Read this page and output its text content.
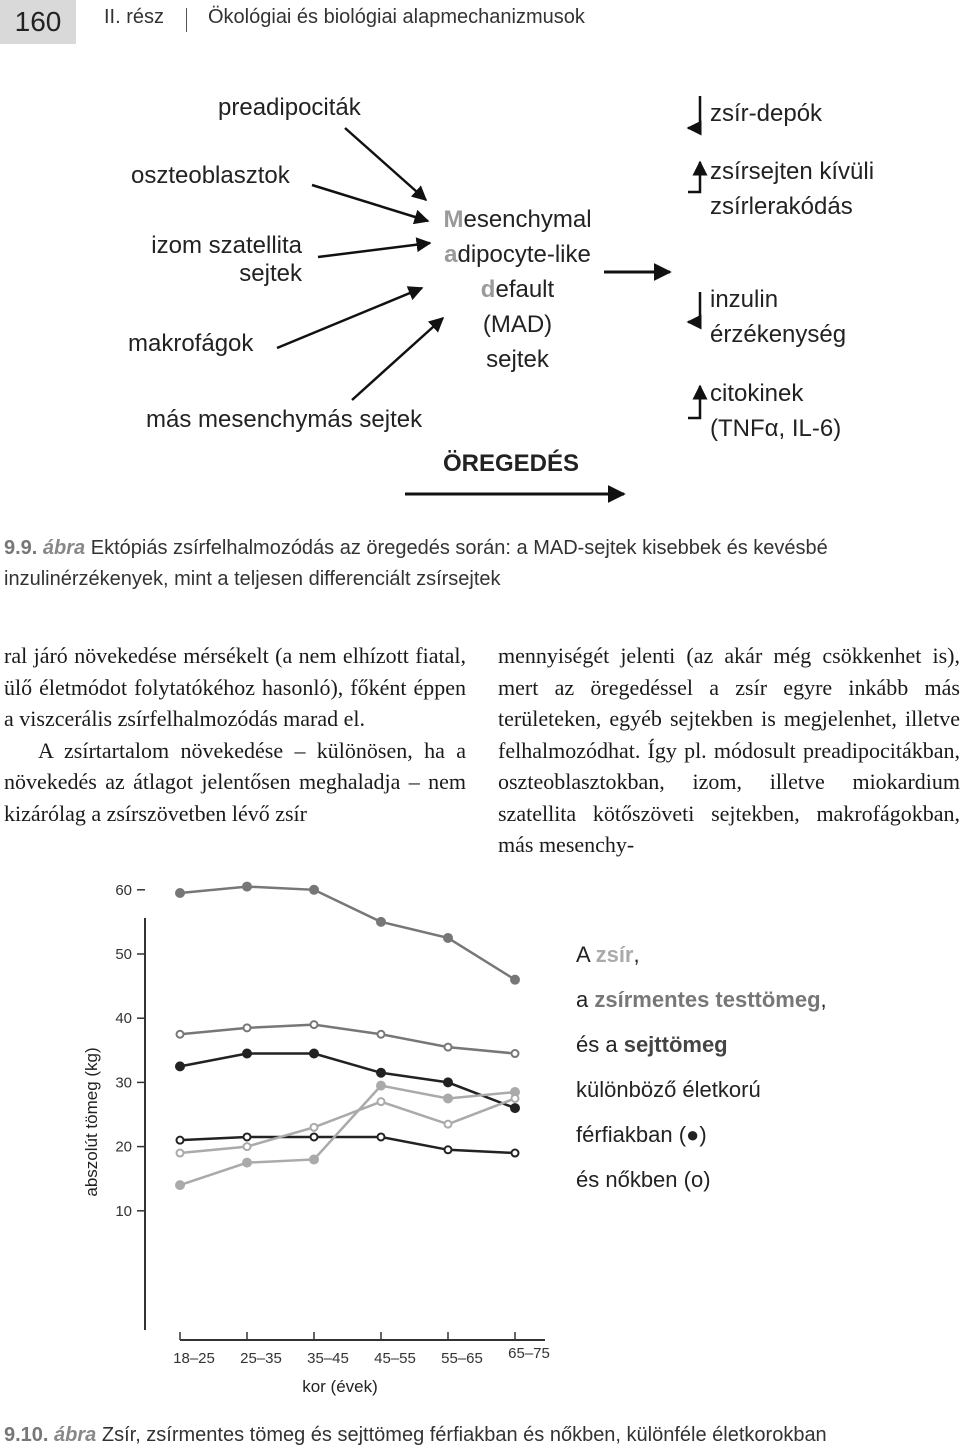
160	II. rész Ökológiai és biológiai alapmechanizmusok
preadipociták
oszteoblasztok
izom szatellita sejtek
makrofágok
más mesenchymás sejtek
Mesenchymal
adipocyte-like
default
(MAD)
sejtek
ÖREGEDÉS
zsír-depók
zsírsejten kívüli zsírlerakódás
inzulin érzékenység
citokinek (TNFα, IL-6)
9.9. ábra Ektópiás zsírfelhalmozódás az öregedés során: a MAD-sejtek kisebbek és kevésbé inzulinérzékenyek, mint a teljesen differenciált zsírsejtek

ral járó növekedése mérsékelt (a nem elhízott fiatal, ülő életmódot folytatókéhoz hasonló), főként éppen a viszcerális zsírfelhalmozódás marad el.

A zsírtartalom növekedése – különösen, ha a növekedés az átlagot jelentősen meghaladja – nem kizárólag a zsírszövetben lévő zsír

mennyiségét jelenti (az akár még csökkenhet is), mert az öregedéssel a zsír egyre inkább más területeken, egyéb sejtekben is megjelenhet, illetve felhalmozódhat. Így pl. módosult preadipocitákban, oszteoblasztokban, izom, illetve miokardium szatellita kötőszöveti sejtekben, makrofágokban, más mesenchy-

10
20
30
40
50
60
18–25 25–35 35–45 45–55 55–65 65–75
abszolút tömeg (kg)
kor (évek)
A zsír,
a zsírmentes testtömeg,
és a sejttömeg
különböző életkorú
férfiakban (●)
és nőkben (o)
9.10. ábra Zsír, zsírmentes tömeg és sejttömeg férfiakban és nőkben, különféle életkorokban
